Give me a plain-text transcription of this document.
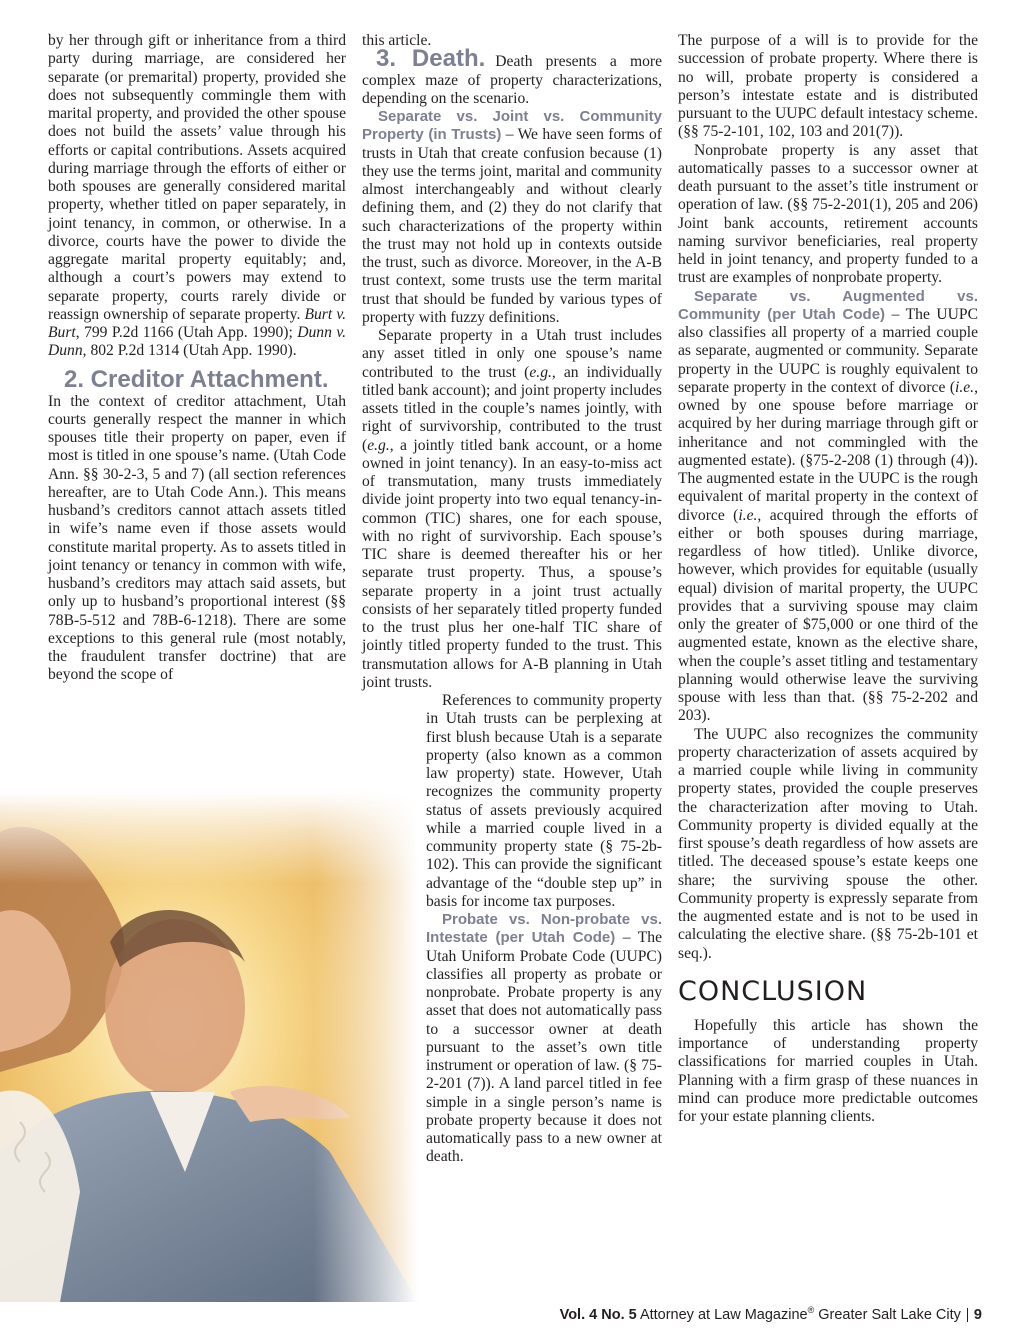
by her through gift or inheritance from a third party during marriage, are considered her separate (or premarital) property, provided she does not subsequently commingle them with marital property, and provided the other spouse does not build the assets’ value through his efforts or capital contributions. Assets acquired during marriage through the efforts of either or both spouses are generally considered marital property, whether titled on paper separately, in joint tenancy, in common, or otherwise. In a divorce, courts have the power to divide the aggregate marital property equitably; and, although a court’s powers may extend to separate property, courts rarely divide or reassign ownership of separate property. Burt v. Burt, 799 P.2d 1166 (Utah App. 1990); Dunn v. Dunn, 802 P.2d 1314 (Utah App. 1990).

2. Creditor Attachment.

In the context of creditor attachment, Utah courts generally respect the manner in which spouses title their property on paper, even if most is titled in one spouse’s name. (Utah Code Ann. §§ 30-2-3, 5 and 7) (all section references hereafter, are to Utah Code Ann.). This means husband’s creditors cannot attach assets titled in wife’s name even if those assets would constitute marital property. As to assets titled in joint tenancy or tenancy in common with wife, husband’s creditors may attach said assets, but only up to husband’s proportional interest (§§ 78B-5-512 and 78B-6-1218). There are some exceptions to this general rule (most notably, the fraudulent transfer doctrine) that are beyond the scope of

this article.

3. Death. Death presents a more complex maze of property characterizations, depending on the scenario.

Separate vs. Joint vs. Community Property (in Trusts) – We have seen forms of trusts in Utah that create confusion because (1) they use the terms joint, marital and community almost interchangeably and without clearly defining them, and (2) they do not clarify that such characterizations of the property within the trust may not hold up in contexts outside the trust, such as divorce. Moreover, in the A-B trust context, some trusts use the term marital trust that should be funded by various types of property with fuzzy definitions.

Separate property in a Utah trust includes any asset titled in only one spouse’s name contributed to the trust (e.g., an individually titled bank account); and joint property includes assets titled in the couple’s names jointly, with right of survivorship, contributed to the trust (e.g., a jointly titled bank account, or a home owned in joint tenancy). In an easy-to-miss act of transmutation, many trusts immediately divide joint property into two equal tenancy-in-common (TIC) shares, one for each spouse, with no right of survivorship. Each spouse’s TIC share is deemed thereafter his or her separate trust property. Thus, a spouse’s separate property in a joint trust actually consists of her separately titled property funded to the trust plus her one-half TIC share of jointly titled property funded to the trust. This transmutation allows for A-B planning in Utah joint trusts.

References to community property in Utah trusts can be perplexing at first blush because Utah is a separate property (also known as a common law property) state. However, Utah recognizes the community property status of assets previously acquired while a married couple lived in a community property state (§ 75-2b-102). This can provide the significant advantage of the “double step up” in basis for income tax purposes.

Probate vs. Non-probate vs. Intestate (per Utah Code) – The Utah Uniform Probate Code (UUPC) classifies all property as probate or nonprobate. Probate property is any asset that does not automatically pass to a successor owner at death pursuant to the asset’s own title instrument or operation of law. (§ 75-2-201 (7)). A land parcel titled in fee simple in a single person’s name is probate property because it does not automatically pass to a new owner at death.

The purpose of a will is to provide for the succession of probate property. Where there is no will, probate property is considered a person’s intestate estate and is distributed pursuant to the UUPC default intestacy scheme. (§§ 75-2-101, 102, 103 and 201(7)).

Nonprobate property is any asset that automatically passes to a successor owner at death pursuant to the asset’s title instrument or operation of law. (§§ 75-2-201(1), 205 and 206) Joint bank accounts, retirement accounts naming survivor beneficiaries, real property held in joint tenancy, and property funded to a trust are examples of nonprobate property.

Separate vs. Augmented vs. Community (per Utah Code) – The UUPC also classifies all property of a married couple as separate, augmented or community. Separate property in the UUPC is roughly equivalent to separate property in the context of divorce (i.e., owned by one spouse before marriage or acquired by her during marriage through gift or inheritance and not commingled with the augmented estate). (§75-2-208 (1) through (4)). The augmented estate in the UUPC is the rough equivalent of marital property in the context of divorce (i.e., acquired through the efforts of either or both spouses during marriage, regardless of how titled). Unlike divorce, however, which provides for equitable (usually equal) division of marital property, the UUPC provides that a surviving spouse may claim only the greater of $75,000 or one third of the augmented estate, known as the elective share, when the couple’s asset titling and testamentary planning would otherwise leave the surviving spouse with less than that. (§§ 75-2-202 and 203).

The UUPC also recognizes the community property characterization of assets acquired by a married couple while living in community property states, provided the couple preserves the characterization after moving to Utah. Community property is divided equally at the first spouse’s death regardless of how assets are titled. The deceased spouse’s estate keeps one share; the surviving spouse the other. Community property is expressly separate from the augmented estate and is not to be used in calculating the elective share. (§§ 75-2b-101 et seq.).

CONCLUSION

Hopefully this article has shown the importance of understanding property classifications for married couples in Utah. Planning with a firm grasp of these nuances in mind can produce more predictable outcomes for your estate planning clients.

Vol. 4 No. 5 Attorney at Law Magazine® Greater Salt Lake City 9
